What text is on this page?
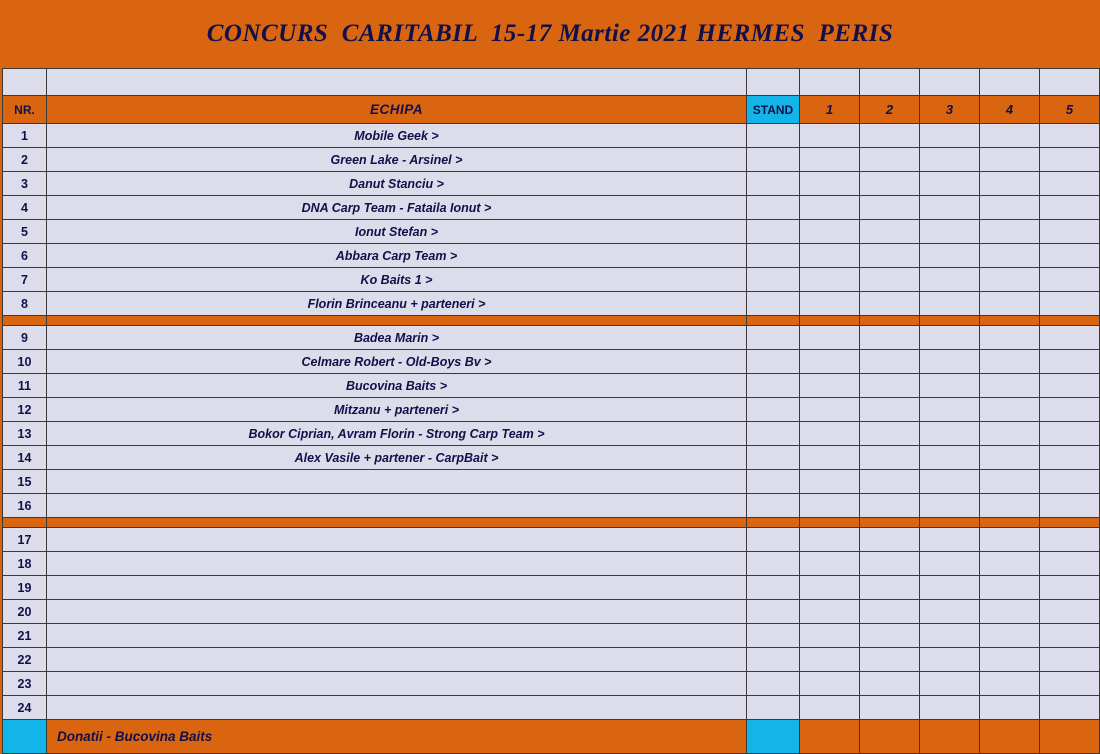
CONCURS  CARITABIL  15-17 Martie 2021 HERMES  PERIS

NR.	ECHIPA	STAND	1	2	3	4	5
1	Mobile Geek >						
2	Green Lake - Arsinel >						
3	Danut Stanciu >						
4	DNA Carp Team - Fataila Ionut >						
5	Ionut Stefan >						
6	Abbara Carp Team >						
7	Ko Baits 1 >						
8	Florin Brinceanu + parteneri >						

9	Badea Marin >						
10	Celmare Robert - Old-Boys Bv >						
11	Bucovina Baits >						
12	Mitzanu + parteneri >						
13	Bokor Ciprian, Avram Florin - Strong Carp Team >						
14	Alex Vasile + partener - CarpBait >						
15							
16							

17							
18							
19							
20							
21							
22							
23							
24							
	Donatii - Bucovina Baits						
